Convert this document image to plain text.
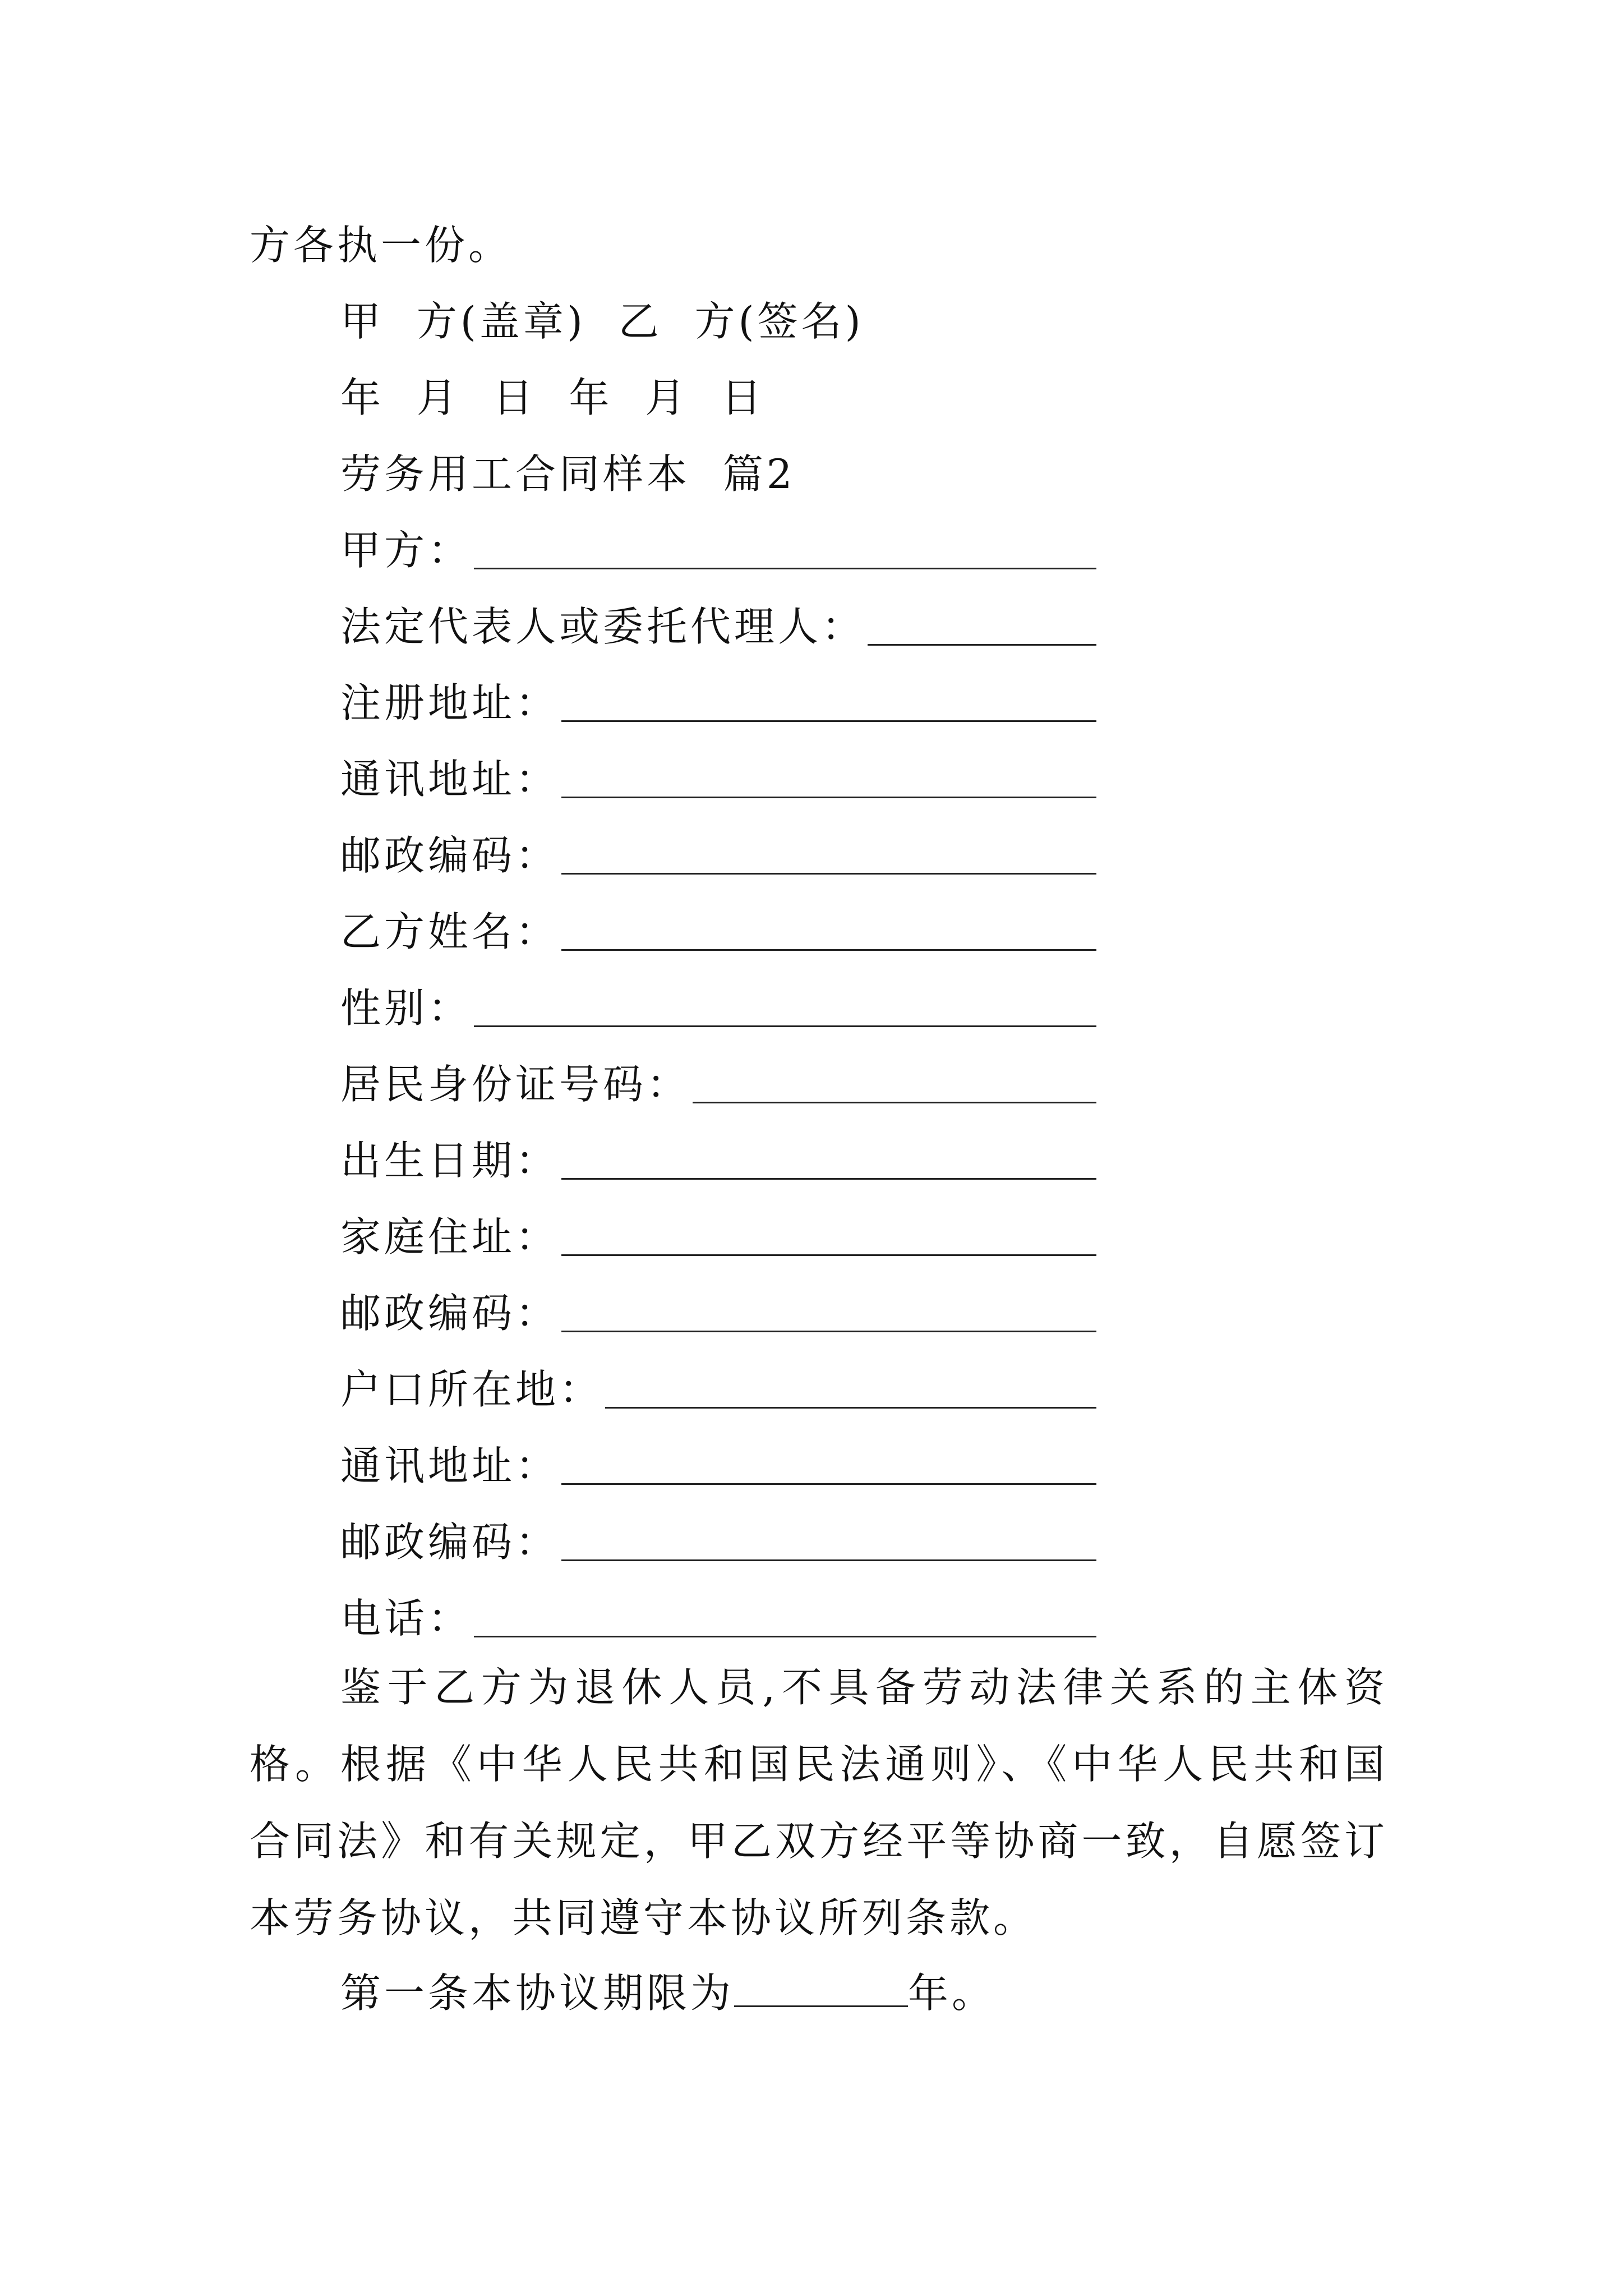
方各执一份。
甲  方(盖章)  乙  方(签名)
年  月  日  年  月  日
劳务用工合同样本  篇2
甲方：
法定代表人或委托代理人：
注册地址：
通讯地址：
邮政编码：
乙方姓名：
性别：
居民身份证号码：
出生日期：
家庭住址：
邮政编码：
户口所在地：
通讯地址：
邮政编码：
电话：
鉴于乙方为退休人员,不具备劳动法律关系的主体资格。根据《中华人民共和国民法通则》、《中华人民共和国合同法》和有关规定，甲乙双方经平等协商一致，自愿签订本劳务协议，共同遵守本协议所列条款。
第一条本协议期限为	年。
